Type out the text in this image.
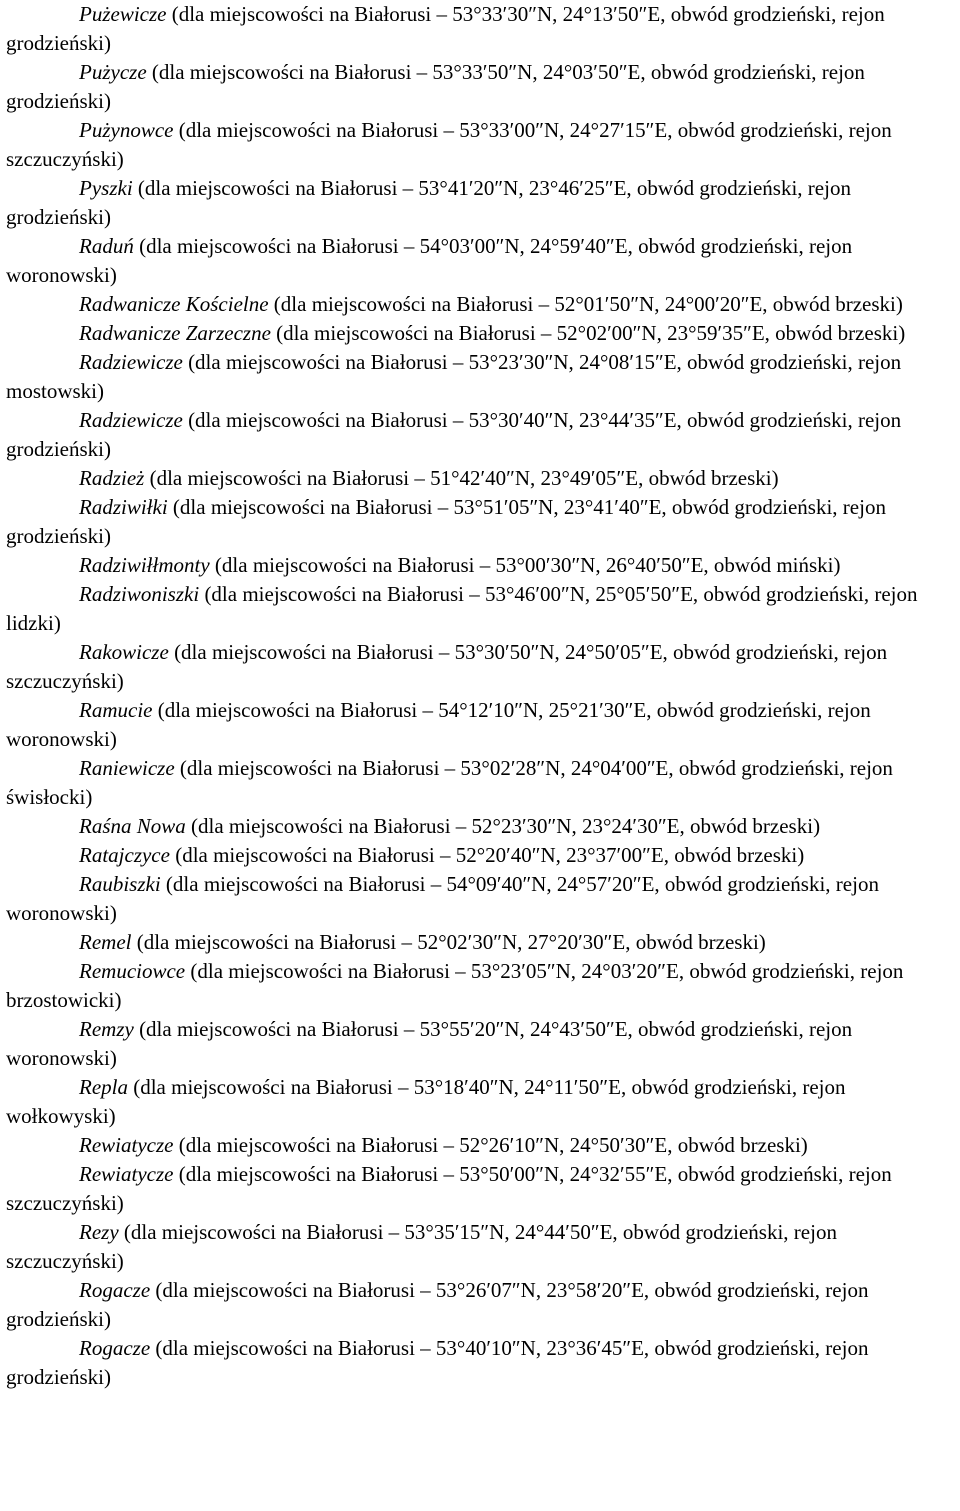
Pużewicze (dla miejscowości na Białorusi – 53°33′30″N, 24°13′50″E, obwód grodzieński, rejon grodzieński)

Pużycze (dla miejscowości na Białorusi – 53°33′50″N, 24°03′50″E, obwód grodzieński, rejon grodzieński)

Pużynowce (dla miejscowości na Białorusi – 53°33′00″N, 24°27′15″E, obwód grodzieński, rejon szczuczyński)

Pyszki (dla miejscowości na Białorusi – 53°41′20″N, 23°46′25″E, obwód grodzieński, rejon grodzieński)

Raduń (dla miejscowości na Białorusi – 54°03′00″N, 24°59′40″E, obwód grodzieński, rejon woronowski)

Radwanicze Kościelne (dla miejscowości na Białorusi – 52°01′50″N, 24°00′20″E, obwód brzeski)

Radwanicze Zarzeczne (dla miejscowości na Białorusi – 52°02′00″N, 23°59′35″E, obwód brzeski)

Radziewicze (dla miejscowości na Białorusi – 53°23′30″N, 24°08′15″E, obwód grodzieński, rejon mostowski)

Radziewicze (dla miejscowości na Białorusi – 53°30′40″N, 23°44′35″E, obwód grodzieński, rejon grodzieński)

Radzież (dla miejscowości na Białorusi – 51°42′40″N, 23°49′05″E, obwód brzeski)

Radziwiłki (dla miejscowości na Białorusi – 53°51′05″N, 23°41′40″E, obwód grodzieński, rejon grodzieński)

Radziwiłłmonty (dla miejscowości na Białorusi – 53°00′30″N, 26°40′50″E, obwód miński)

Radziwoniszki (dla miejscowości na Białorusi – 53°46′00″N, 25°05′50″E, obwód grodzieński, rejon lidzki)

Rakowicze (dla miejscowości na Białorusi – 53°30′50″N, 24°50′05″E, obwód grodzieński, rejon szczuczyński)

Ramucie (dla miejscowości na Białorusi – 54°12′10″N, 25°21′30″E, obwód grodzieński, rejon woronowski)

Raniewicze (dla miejscowości na Białorusi – 53°02′28″N, 24°04′00″E, obwód grodzieński, rejon świsłocki)

Raśna Nowa (dla miejscowości na Białorusi – 52°23′30″N, 23°24′30″E, obwód brzeski)

Ratajczyce (dla miejscowości na Białorusi – 52°20′40″N, 23°37′00″E, obwód brzeski)

Raubiszki (dla miejscowości na Białorusi – 54°09′40″N, 24°57′20″E, obwód grodzieński, rejon woronowski)

Remel (dla miejscowości na Białorusi – 52°02′30″N, 27°20′30″E, obwód brzeski)

Remuciowce (dla miejscowości na Białorusi – 53°23′05″N, 24°03′20″E, obwód grodzieński, rejon brzostowicki)

Remzy (dla miejscowości na Białorusi – 53°55′20″N, 24°43′50″E, obwód grodzieński, rejon woronowski)

Repla (dla miejscowości na Białorusi – 53°18′40″N, 24°11′50″E, obwód grodzieński, rejon wołkowyski)

Rewiatycze (dla miejscowości na Białorusi – 52°26′10″N, 24°50′30″E, obwód brzeski)

Rewiatycze (dla miejscowości na Białorusi – 53°50′00″N, 24°32′55″E, obwód grodzieński, rejon szczuczyński)

Rezy (dla miejscowości na Białorusi – 53°35′15″N, 24°44′50″E, obwód grodzieński, rejon szczuczyński)

Rogacze (dla miejscowości na Białorusi – 53°26′07″N, 23°58′20″E, obwód grodzieński, rejon grodzieński)

Rogacze (dla miejscowości na Białorusi – 53°40′10″N, 23°36′45″E, obwód grodzieński, rejon grodzieński)
